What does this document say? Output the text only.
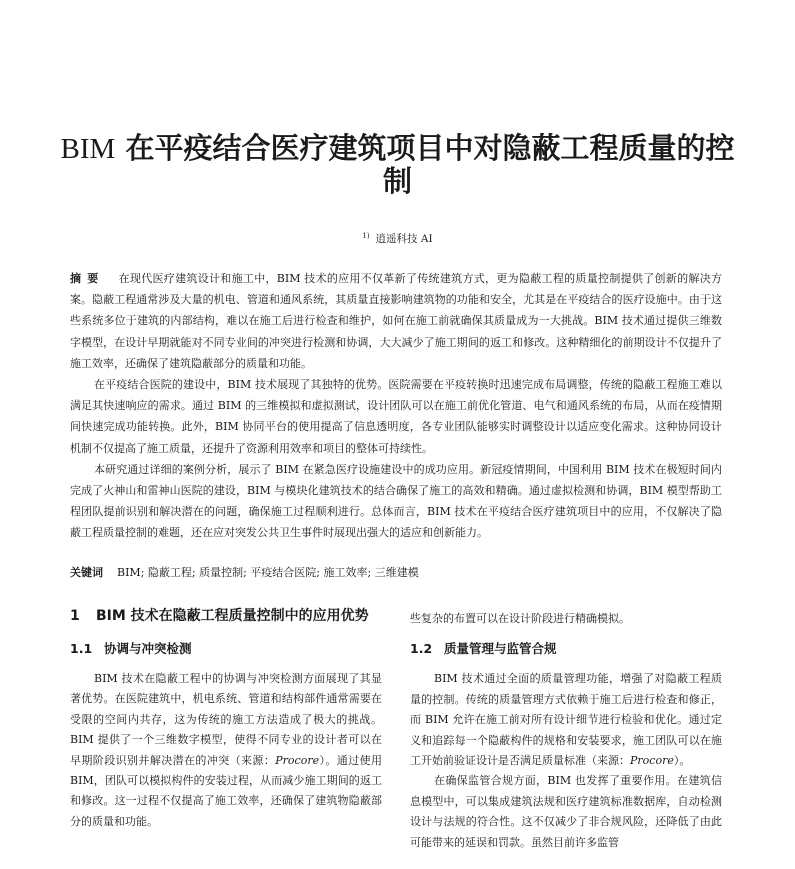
BIM 在平疫结合医疗建筑项目中对隐蔽工程质量的控制
$^{1)}$ 逍遥科技 AI

摘要 在现代医疗建筑设计和施工中，BIM 技术的应用不仅革新了传统建筑方式，更为隐蔽工程的质量控制提供了创新的解决方案。隐蔽工程通常涉及大量的机电、管道和通风系统，其质量直接影响建筑物的功能和安全，尤其是在平疫结合的医疗设施中。由于这些系统多位于建筑的内部结构，难以在施工后进行检查和维护，如何在施工前就确保其质量成为一大挑战。BIM 技术通过提供三维数字模型，在设计早期就能对不同专业间的冲突进行检测和协调，大大减少了施工期间的返工和修改。这种精细化的前期设计不仅提升了施工效率，还确保了建筑隐蔽部分的质量和功能。

在平疫结合医院的建设中，BIM 技术展现了其独特的优势。医院需要在平疫转换时迅速完成布局调整，传统的隐蔽工程施工难以满足其快速响应的需求。通过 BIM 的三维模拟和虚拟测试，设计团队可以在施工前优化管道、电气和通风系统的布局，从而在疫情期间快速完成功能转换。此外，BIM 协同平台的使用提高了信息透明度，各专业团队能够实时调整设计以适应变化需求。这种协同设计机制不仅提高了施工质量，还提升了资源利用效率和项目的整体可持续性。

本研究通过详细的案例分析，展示了 BIM 在紧急医疗设施建设中的成功应用。新冠疫情期间，中国利用 BIM 技术在极短时间内完成了火神山和雷神山医院的建设，BIM 与模块化建筑技术的结合确保了施工的高效和精确。通过虚拟检测和协调，BIM 模型帮助工程团队提前识别和解决潜在的问题，确保施工过程顺利进行。总体而言，BIM 技术在平疫结合医疗建筑项目中的应用，不仅解决了隐蔽工程质量控制的难题，还在应对突发公共卫生事件时展现出强大的适应和创新能力。

关键词 BIM; 隐蔽工程; 质量控制; 平疫结合医院; 施工效率; 三维建模
1	BIM 技术在隐蔽工程质量控制中的应用优势
1.1 协调与冲突检测

BIM 技术在隐蔽工程中的协调与冲突检测方面展现了其显著优势。在医院建筑中，机电系统、管道和结构部件通常需要在受限的空间内共存，这为传统的施工方法造成了极大的挑战。BIM 提供了一个三维数字模型，使得不同专业的设计者可以在早期阶段识别并解决潜在的冲突（来源：Procore）。通过使用 BIM，团队可以模拟构件的安装过程，从而减少施工期间的返工和修改。这一过程不仅提高了施工效率，还确保了建筑物隐蔽部分的质量和功能。

些复杂的布置可以在设计阶段进行精确模拟。

1.2 质量管理与监管合规

BIM 技术通过全面的质量管理功能，增强了对隐蔽工程质量的控制。传统的质量管理方式依赖于施工后进行检查和修正，而 BIM 允许在施工前对所有设计细节进行检验和优化。通过定义和追踪每一个隐蔽构件的规格和安装要求，施工团队可以在施工开始前验证设计是否满足质量标准（来源：Procore）。

在确保监管合规方面，BIM 也发挥了重要作用。在建筑信息模型中，可以集成建筑法规和医疗建筑标准数据库，自动检测设计与法规的符合性。这不仅减少了非合规风险，还降低了由此可能带来的延误和罚款。虽然目前许多监管
